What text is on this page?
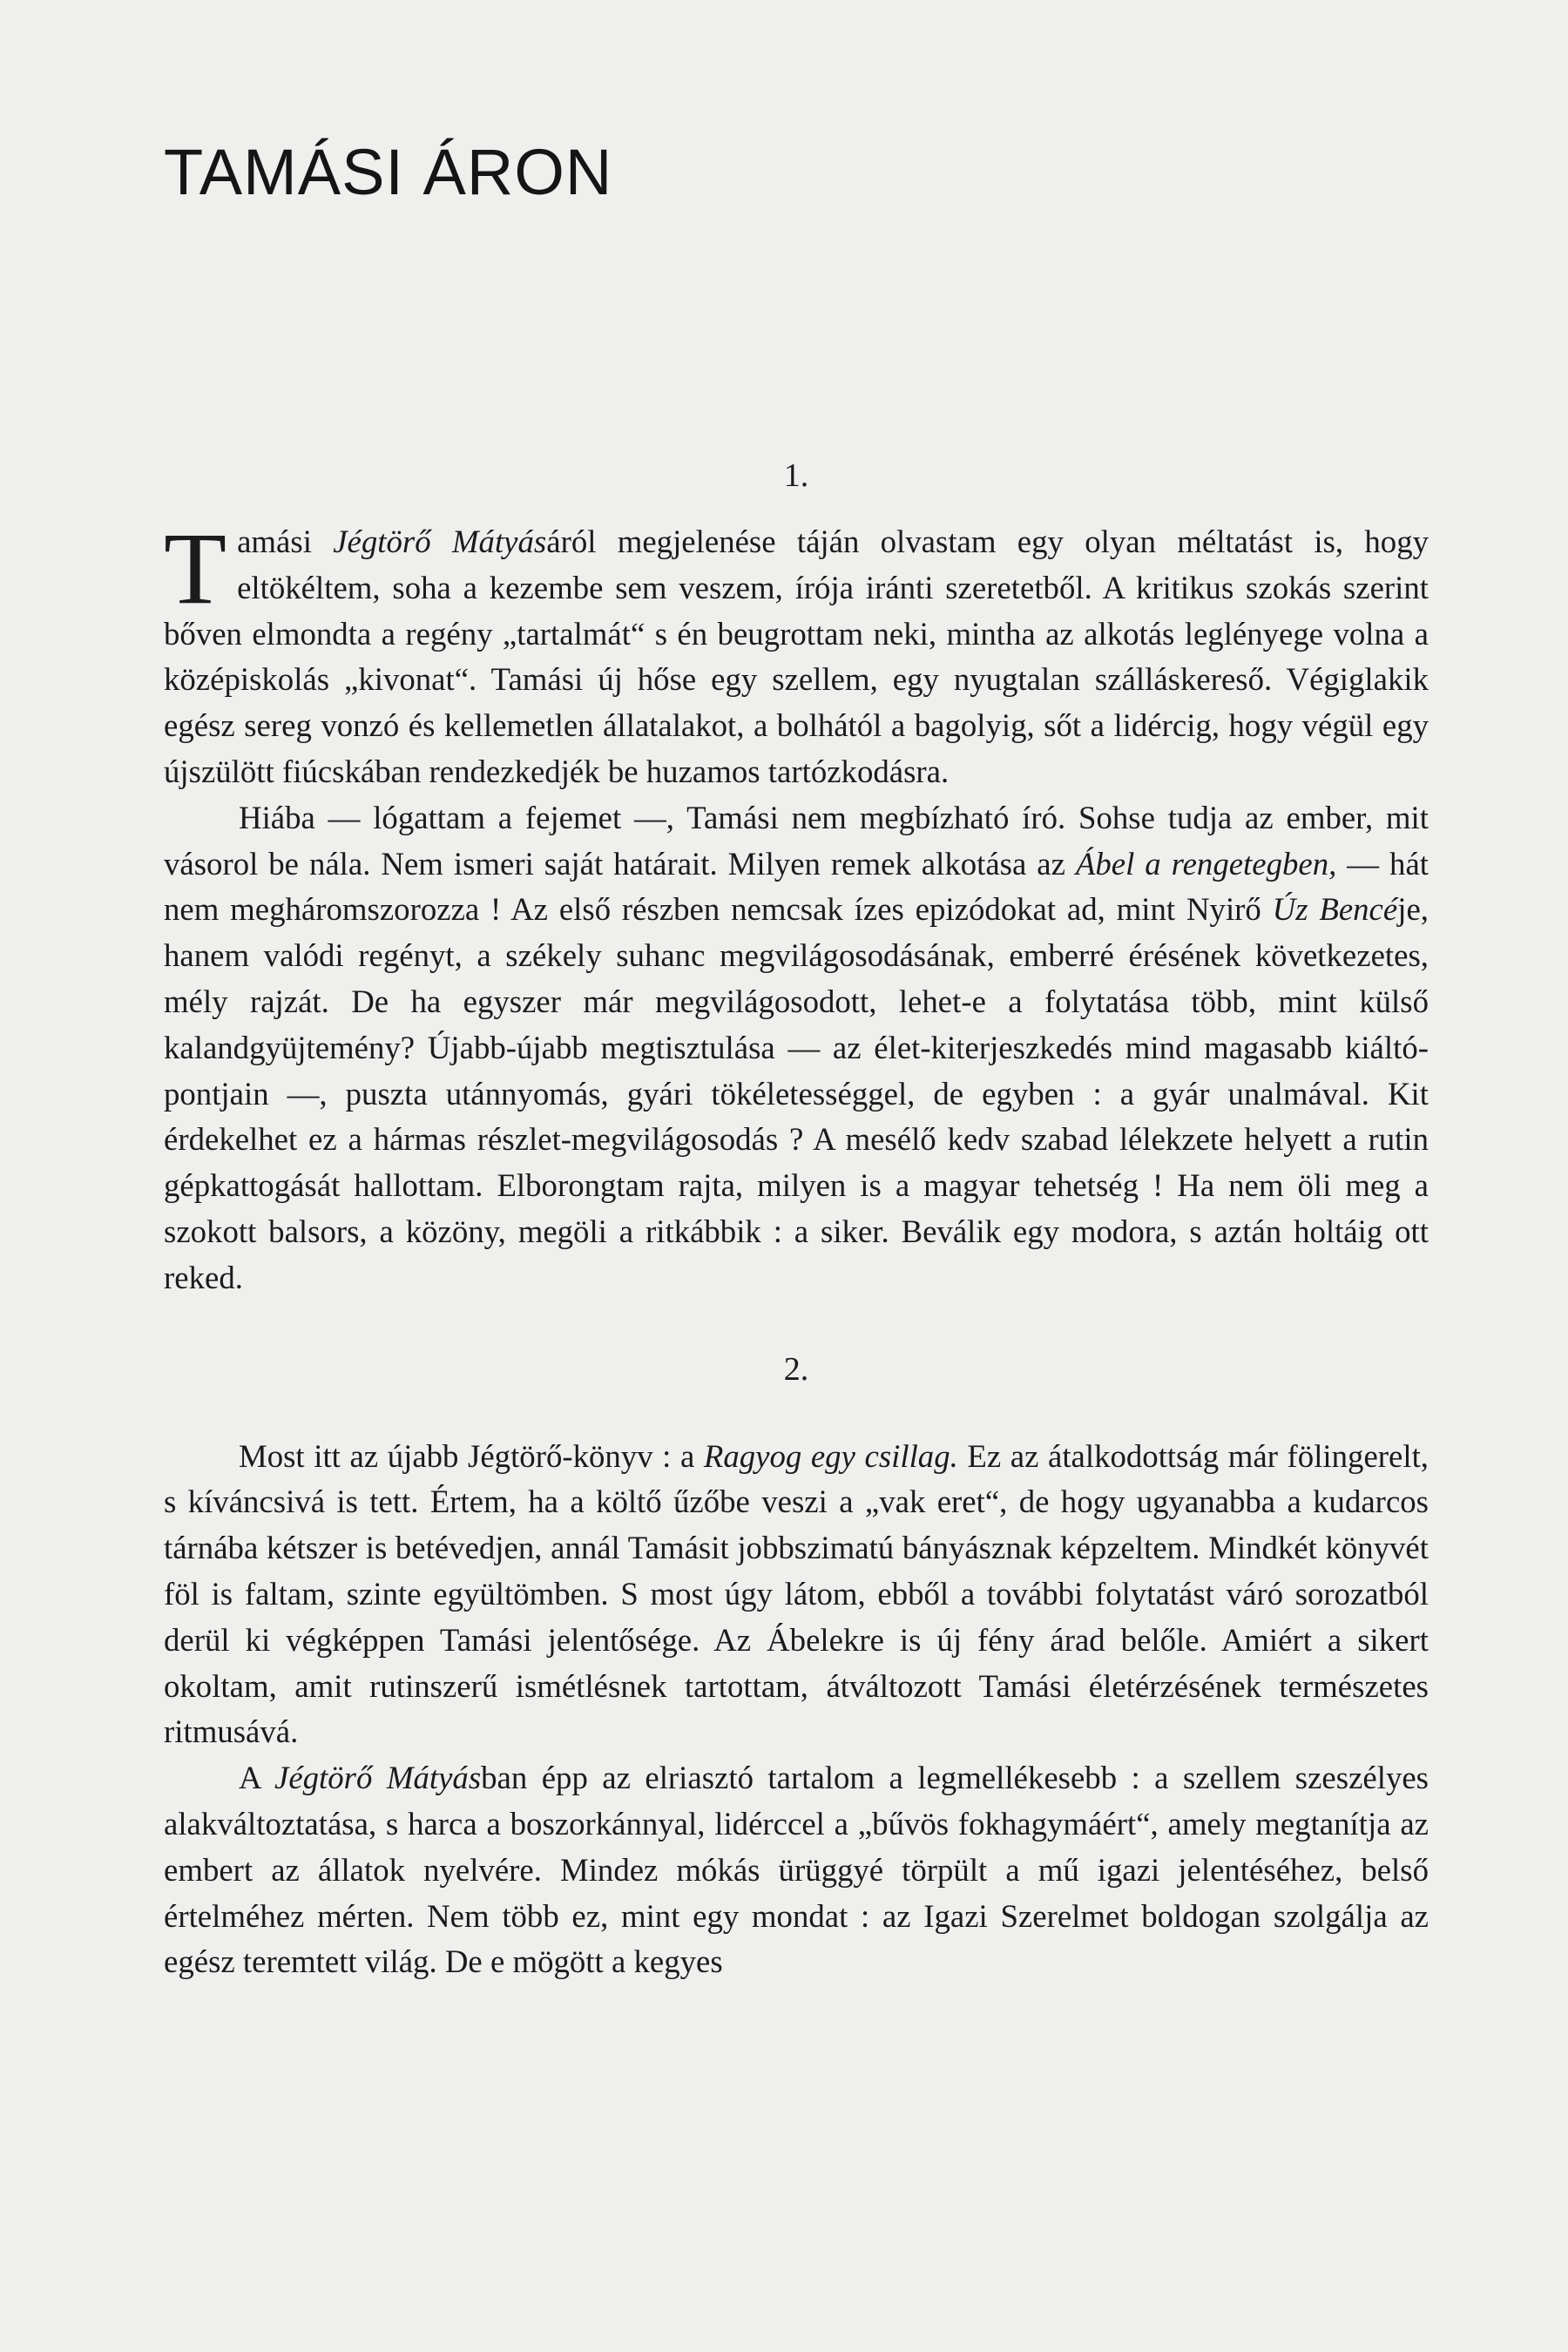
TAMÁSI ÁRON
1.

Tamási Jégtörő Mátyásáról megjelenése táján olvastam egy olyan méltatást is, hogy eltökéltem, soha a kezembe sem veszem, írója iránti szeretetből. A kritikus szokás szerint bőven elmondta a regény „tartalmát“ s én beugrottam neki, mintha az alkotás leglényege volna a középiskolás „kivonat“. Tamási új hőse egy szellem, egy nyugtalan szálláskereső. Végiglakik egész sereg vonzó és kellemetlen állatalakot, a bolhától a bagolyig, sőt a lidércig, hogy végül egy újszülött fiúcskában rendezkedjék be huzamos tartózkodásra.

Hiába — lógattam a fejemet —, Tamási nem megbízható író. Sohse tudja az ember, mit vásorol be nála. Nem ismeri saját határait. Milyen remek alkotása az Ábel a rengetegben, — hát nem megháromszorozza ! Az első részben nemcsak ízes epizódokat ad, mint Nyirő Úz Bencéje, hanem valódi regényt, a székely suhanc megvilágosodásának, emberré érésének következetes, mély rajzát. De ha egyszer már megvilágosodott, lehet-e a folytatása több, mint külső kalandgyüjtemény? Újabb-újabb megtisztulása — az élet-kiterjeszkedés mind magasabb kiáltó-pontjain —, puszta utánnyomás, gyári tökéletességgel, de egyben : a gyár unalmával. Kit érdekelhet ez a hármas részlet-megvilágosodás ? A mesélő kedv szabad lélekzete helyett a rutin gépkattogását hallottam. Elborongtam rajta, milyen is a magyar tehetség ! Ha nem öli meg a szokott balsors, a közöny, megöli a ritkábbik : a siker. Beválik egy modora, s aztán holtáig ott reked.

2.

Most itt az újabb Jégtörő-könyv : a Ragyog egy csillag. Ez az átalkodottság már fölingerelt, s kíváncsivá is tett. Értem, ha a költő űzőbe veszi a „vak eret“, de hogy ugyanabba a kudarcos tárnába kétszer is betévedjen, annál Tamásit jobbszimatú bányásznak képzeltem. Mindkét könyvét föl is faltam, szinte együltömben. S most úgy látom, ebből a további folytatást váró sorozatból derül ki végképpen Tamási jelentősége. Az Ábelekre is új fény árad belőle. Amiért a sikert okoltam, amit rutinszerű ismétlésnek tartottam, átváltozott Tamási életérzésének természetes ritmusává.

A Jégtörő Mátyásban épp az elriasztó tartalom a legmellékesebb : a szellem szeszélyes alakváltoztatása, s harca a boszorkánnyal, lidérccel a „bűvös fokhagymáért“, amely megtanítja az embert az állatok nyelvére. Mindez mókás ürüggyé törpült a mű igazi jelentéséhez, belső értelméhez mérten. Nem több ez, mint egy mondat : az Igazi Szerelmet boldogan szolgálja az egész teremtett világ. De e mögött a kegyes
